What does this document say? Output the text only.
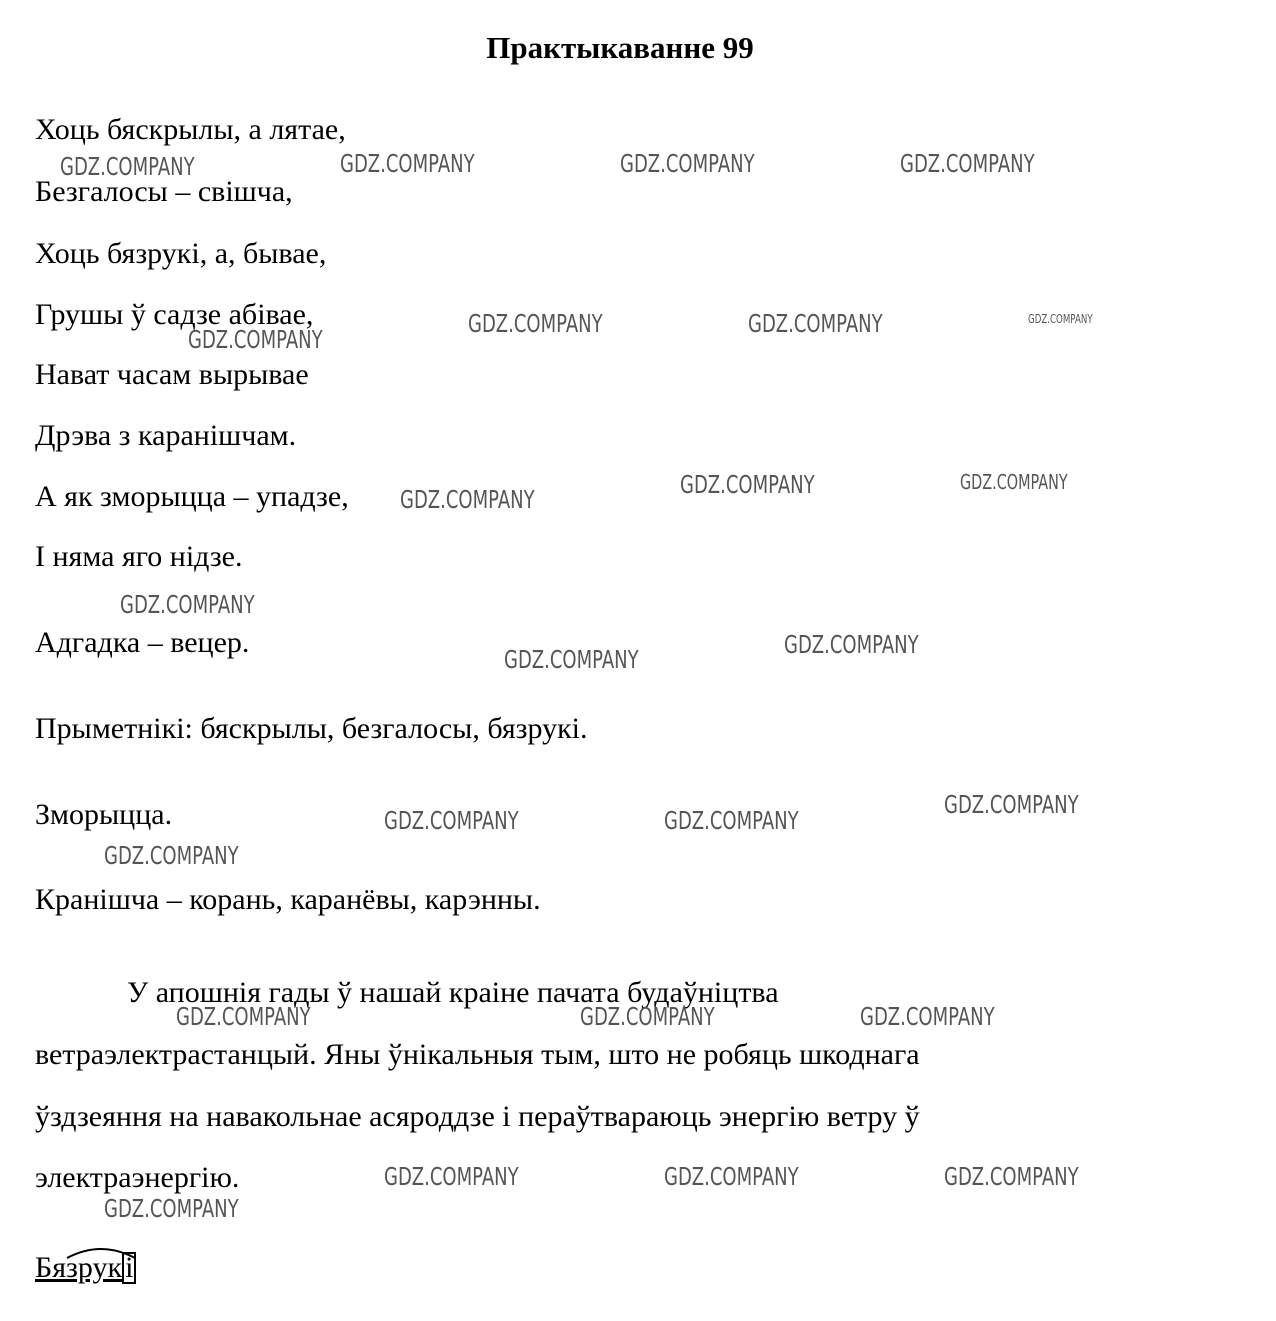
Практыкаванне 99
Хоць бяскрылы, а лятае,
Безгалосы – свішча,
Хоць бязрукі, а, бывае,
Грушы ў садзе абівае,
Нават часам вырывае
Дрэва з каранішчам.
А як зморыцца – упадзе,
І няма яго нідзе.
Адгадка – вецер.
Прыметнікі: бяскрылы, безгалосы, бязрукі.
Зморыцца.
Кранішча – корань, каранёвы, карэнны.
У апошнія гады ў нашай краіне пачата будаўніцтва
ветраэлектрастанцый. Яны ўнікальныя тым, што не робяць шкоднага
ўздзеяння на навакольнае асяроддзе і пераўтвараюць энергію ветру ў
электраэнергію.
Бязрук і
GDZ.COMPANY	GDZ.COMPANY	GDZ.COMPANY	GDZ.COMPANY
GDZ.COMPANY
GDZ.COMPANY	GDZ.COMPANY	GDZ.COMPANY
GDZ.COMPANY
GDZ.COMPANY	GDZ.COMPANY
GDZ.COMPANY
GDZ.COMPANY
GDZ.COMPANY
GDZ.COMPANY	GDZ.COMPANY
GDZ.COMPANY
GDZ.COMPANY
GDZ.COMPANY	GDZ.COMPANY	GDZ.COMPANY
GDZ.COMPANY	GDZ.COMPANY	GDZ.COMPANY
GDZ.COMPANY
